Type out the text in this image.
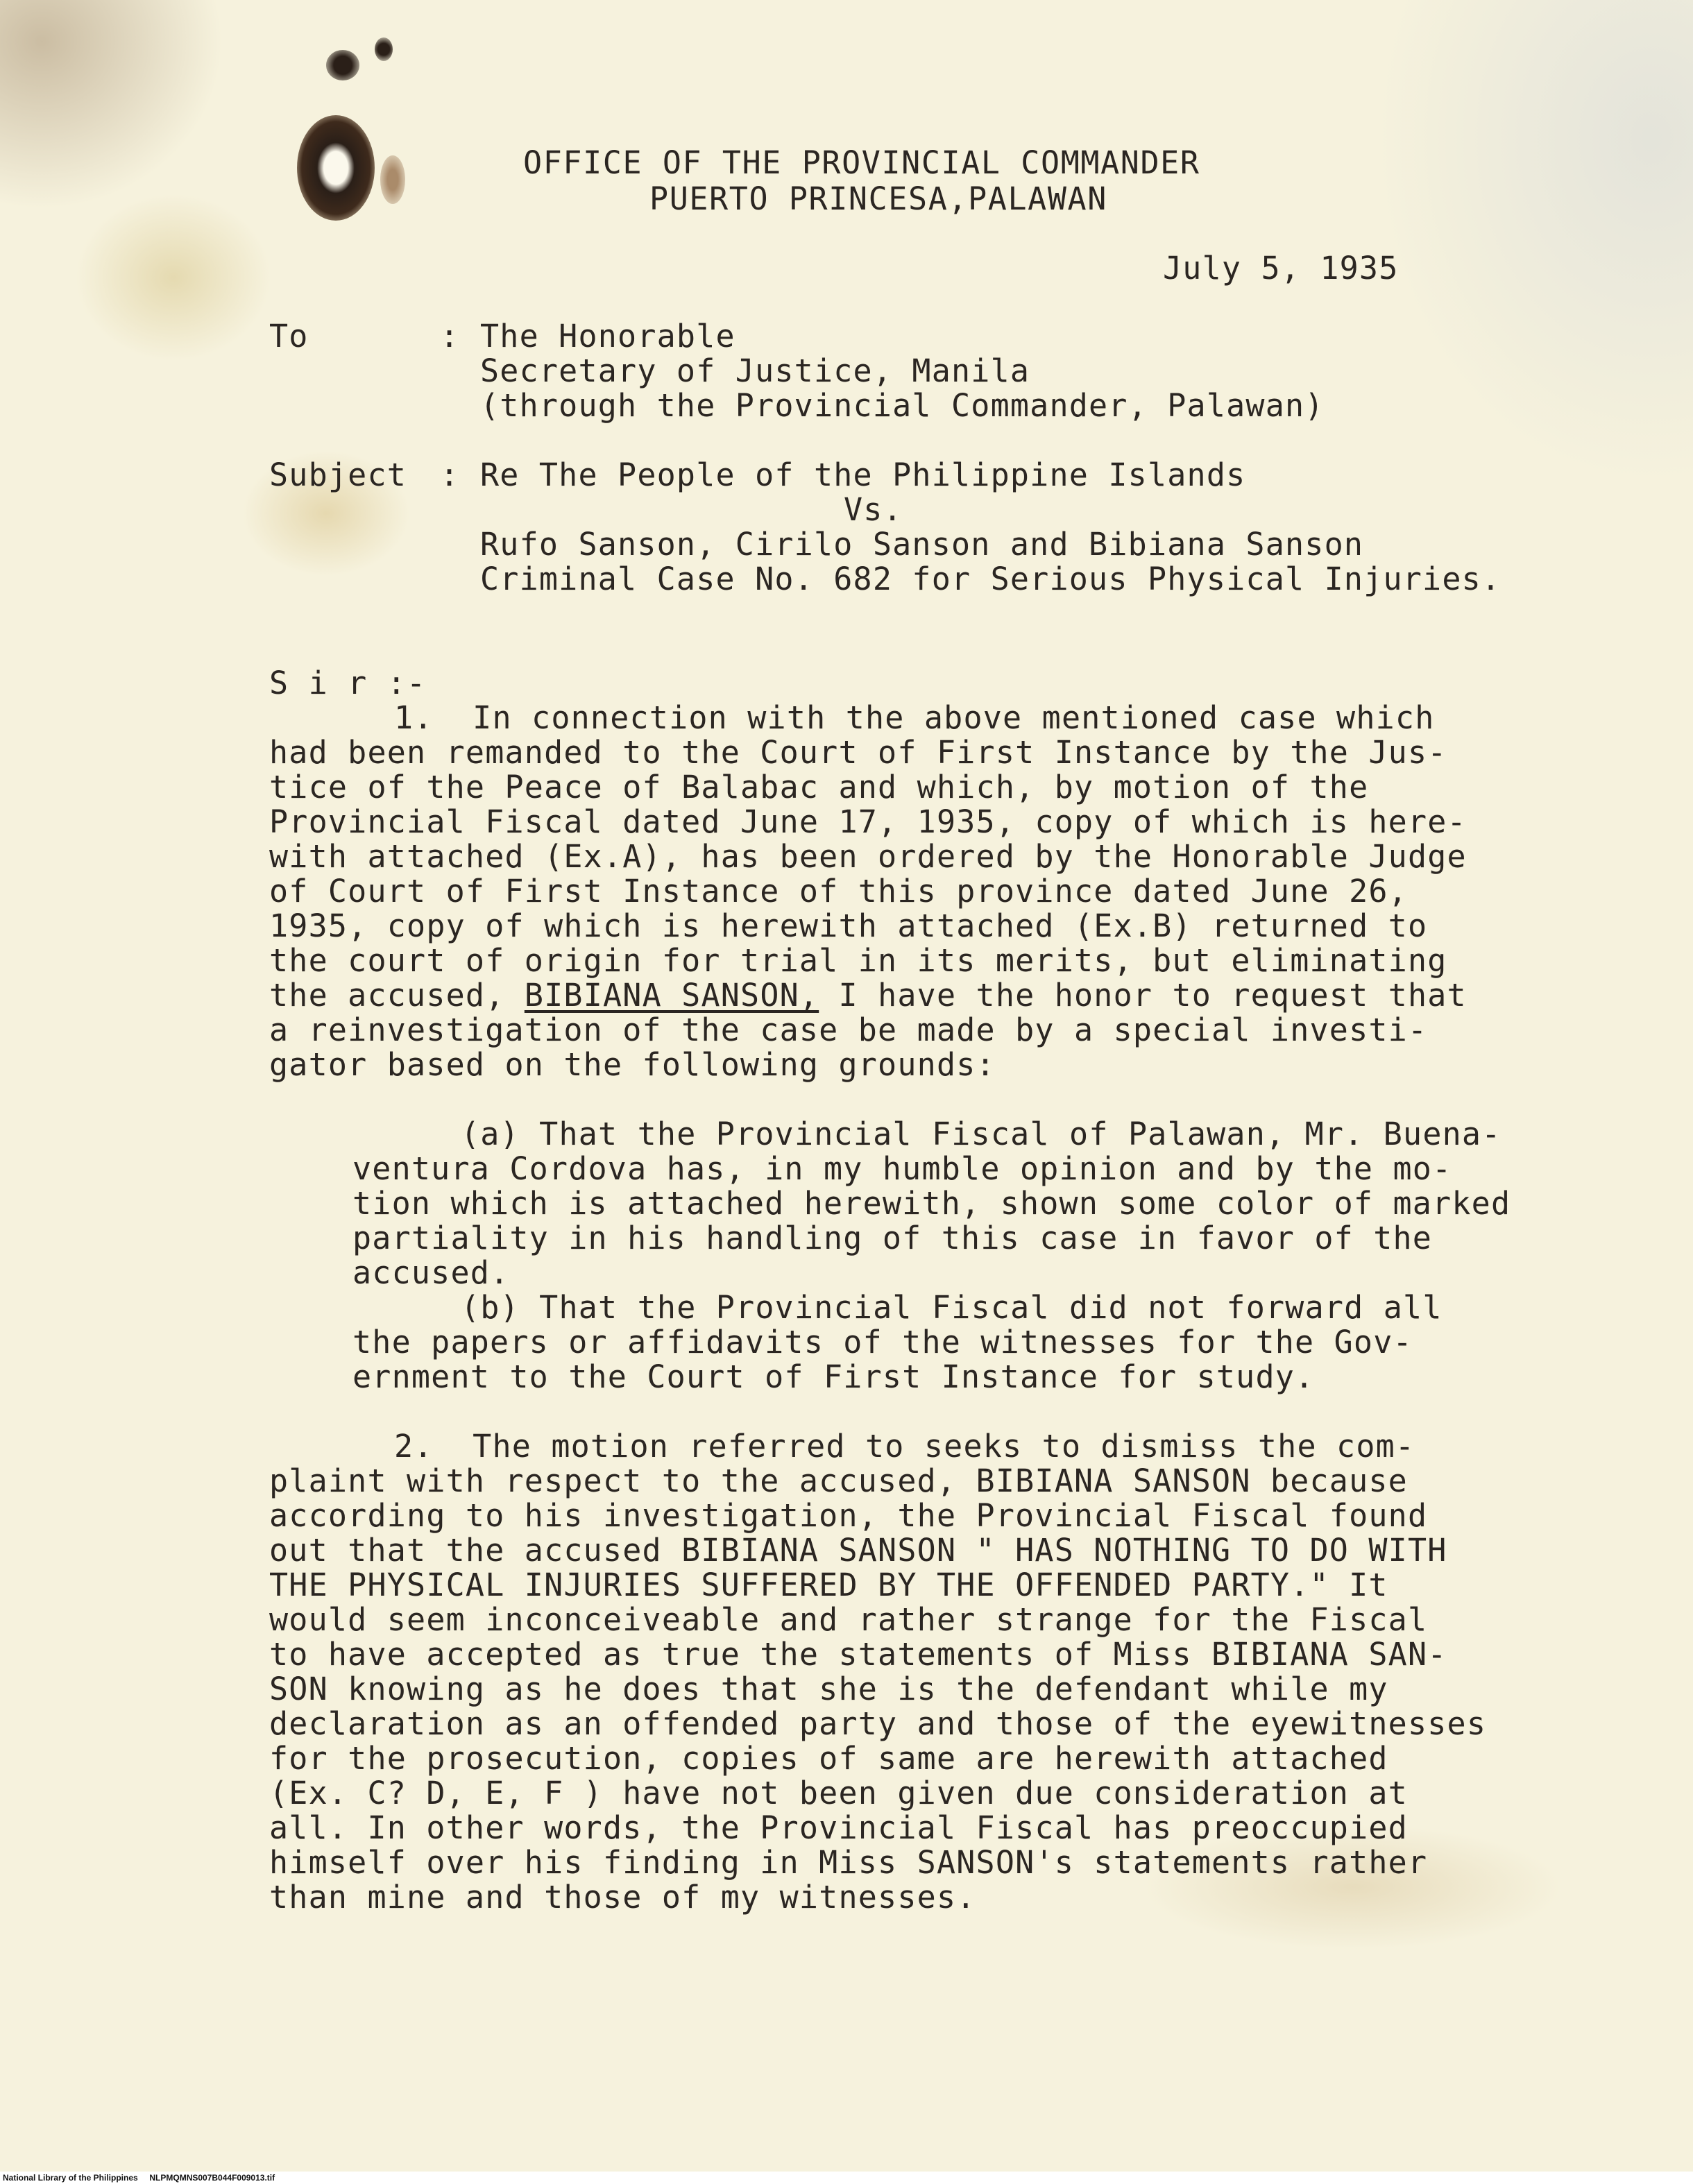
OFFICE OF THE PROVINCIAL COMMANDER

PUERTO PRINCESA,PALAWAN

July 5, 1935

To	: The Honorable

Secretary of Justice, Manila

(through the Provincial Commander, Palawan)

Subject : Re The People of the Philippine Islands

Vs.

Rufo Sanson, Cirilo Sanson and Bibiana Sanson

Criminal Case No. 682 for Serious Physical Injuries.

S i r :-

1.  In connection with the above mentioned case which

had been remanded to the Court of First Instance by the Jus-

tice of the Peace of Balabac and which, by motion of the

Provincial Fiscal dated June 17, 1935, copy of which is here-

with attached (Ex.A), has been ordered by the Honorable Judge

of Court of First Instance of this province dated June 26,

1935, copy of which is herewith attached (Ex.B) returned to

the court of origin for trial in its merits, but eliminating

the accused, BIBIANA SANSON, I have the honor to request that

a reinvestigation of the case be made by a special investi-

gator based on the following grounds:

(a) That the Provincial Fiscal of Palawan, Mr. Buena-

ventura Cordova has, in my humble opinion and by the mo-

tion which is attached herewith, shown some color of marked

partiality in his handling of this case in favor of the

accused.

(b) That the Provincial Fiscal did not forward all

the papers or affidavits of the witnesses for the Gov-

ernment to the Court of First Instance for study.

2.  The motion referred to seeks to dismiss the com-

plaint with respect to the accused, BIBIANA SANSON because

according to his investigation, the Provincial Fiscal found

out that the accused BIBIANA SANSON " HAS NOTHING TO DO WITH

THE PHYSICAL INJURIES SUFFERED BY THE OFFENDED PARTY." It

would seem inconceiveable and rather strange for the Fiscal

to have accepted as true the statements of Miss BIBIANA SAN-

SON knowing as he does that she is the defendant while my

declaration as an offended party and those of the eyewitnesses

for the prosecution, copies of same are herewith attached

(Ex. C? D, E, F ) have not been given due consideration at

all. In other words, the Provincial Fiscal has preoccupied

himself over his finding in Miss SANSON's statements rather

than mine and those of my witnesses.

National Library of the Philippines NLPMQMNS007B044F009013.tif
